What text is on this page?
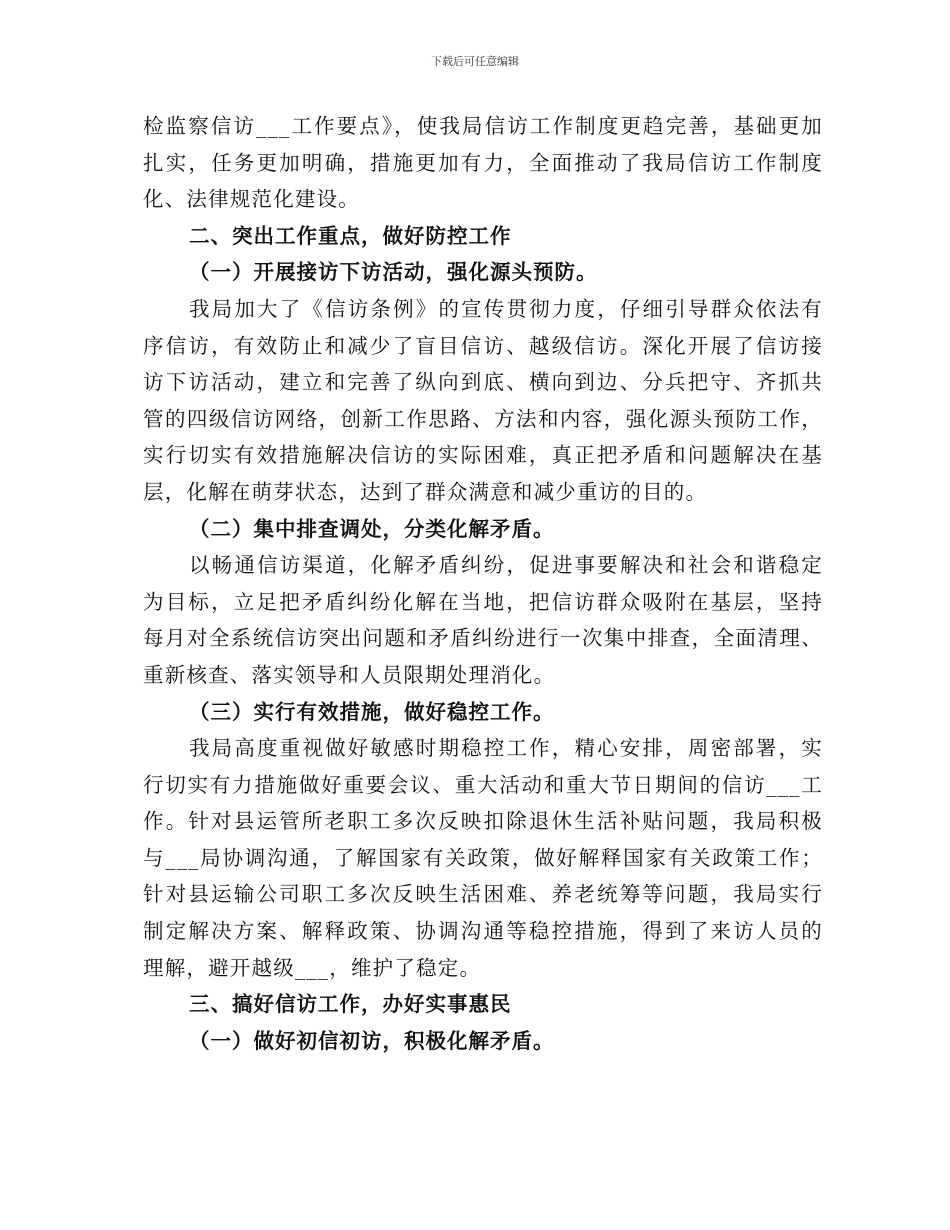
下载后可任意编辑
检监察信访___工作要点》，使我局信访工作制度更趋完善，基础更加
扎实，任务更加明确，措施更加有力，全面推动了我局信访工作制度
化、法律规范化建设。
二、突出工作重点，做好防控工作
（一）开展接访下访活动，强化源头预防。
我局加大了《信访条例》的宣传贯彻力度，仔细引导群众依法有
序信访，有效防止和减少了盲目信访、越级信访。深化开展了信访接
访下访活动，建立和完善了纵向到底、横向到边、分兵把守、齐抓共
管的四级信访网络，创新工作思路、方法和内容，强化源头预防工作，
实行切实有效措施解决信访的实际困难，真正把矛盾和问题解决在基
层，化解在萌芽状态，达到了群众满意和减少重访的目的。
（二）集中排查调处，分类化解矛盾。
以畅通信访渠道，化解矛盾纠纷，促进事要解决和社会和谐稳定
为目标，立足把矛盾纠纷化解在当地，把信访群众吸附在基层，坚持
每月对全系统信访突出问题和矛盾纠纷进行一次集中排查，全面清理、
重新核查、落实领导和人员限期处理消化。
（三）实行有效措施，做好稳控工作。
我局高度重视做好敏感时期稳控工作，精心安排，周密部署，实
行切实有力措施做好重要会议、重大活动和重大节日期间的信访___工
作。针对县运管所老职工多次反映扣除退休生活补贴问题，我局积极
与___局协调沟通，了解国家有关政策，做好解释国家有关政策工作；
针对县运输公司职工多次反映生活困难、养老统筹等问题，我局实行
制定解决方案、解释政策、协调沟通等稳控措施，得到了来访人员的
理解，避开越级___，维护了稳定。
三、搞好信访工作，办好实事惠民
（一）做好初信初访，积极化解矛盾。
